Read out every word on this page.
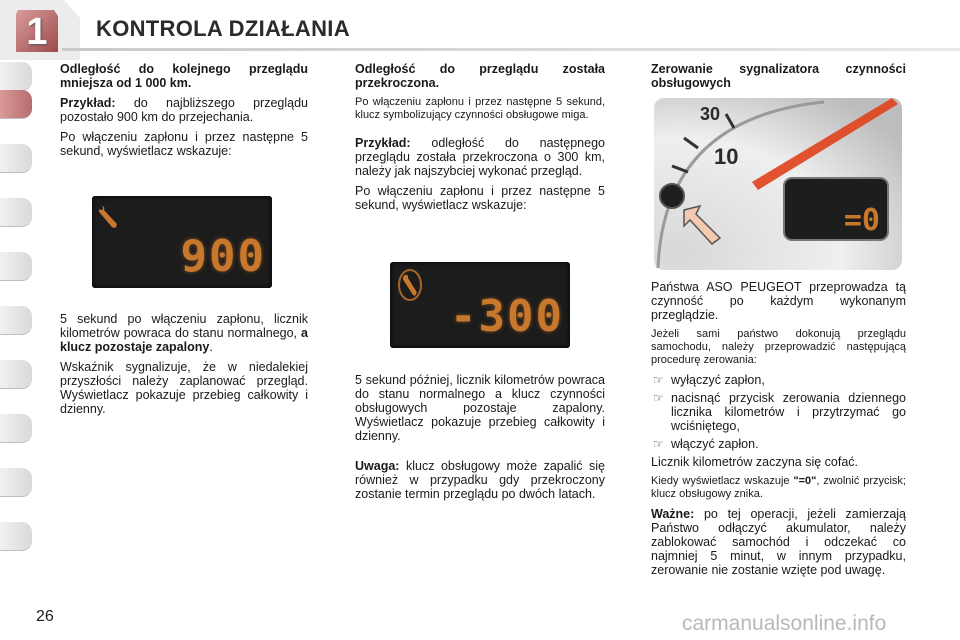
1	KONTROLA DZIAŁANIA

Odległość do kolejnego przeglądu mniejsza od 1 000 km.

Przykład: do najbliższego przeglądu pozostało 900 km do przejechania.

Po włączeniu zapłonu i przez następne 5 sekund, wyświetlacz wskazuje:

900

5 sekund po włączeniu zapłonu, licznik kilometrów powraca do stanu normalnego, a klucz pozostaje zapalony.

Wskaźnik sygnalizuje, że w niedalekiej przyszłości należy zaplanować przegląd. Wyświetlacz pokazuje przebieg całkowity i dzienny.

Odległość do przeglądu została przekroczona.

Po włączeniu zapłonu i przez następne 5 sekund, klucz symbolizujący czynności obsługowe miga.

Przykład: odległość do następnego przeglądu została przekroczona o 300 km, należy jak najszybciej wykonać przegląd.

Po włączeniu zapłonu i przez następne 5 sekund, wyświetlacz wskazuje:

-300

5 sekund później, licznik kilometrów powraca do stanu normalnego a klucz czynności obsługowych pozostaje zapalony. Wyświetlacz pokazuje przebieg całkowity i dzienny.

Uwaga: klucz obsługowy może zapalić się również w przypadku gdy przekroczony zostanie termin przeglądu po dwóch latach.

Zerowanie sygnalizatora czynności obsługowych

30
10
=0

Państwa ASO PEUGEOT przeprowadza tą czynność po każdym wykonanym przeglądzie.

Jeżeli sami państwo dokonują przeglądu samochodu, należy przeprowadzić następującą procedurę zerowania:

☞ wyłączyć zapłon,
☞ nacisnąć przycisk zerowania dziennego licznika kilometrów i przytrzymać go wciśniętego,
☞ włączyć zapłon.

Licznik kilometrów zaczyna się cofać.

Kiedy wyświetlacz wskazuje "=0", zwolnić przycisk; klucz obsługowy znika.

Ważne: po tej operacji, jeżeli zamierzają Państwo odłączyć akumulator, należy zablokować samochód i odczekać co najmniej 5 minut, w innym przypadku, zerowanie nie zostanie wzięte pod uwagę.

26	carmanualsonline.info
